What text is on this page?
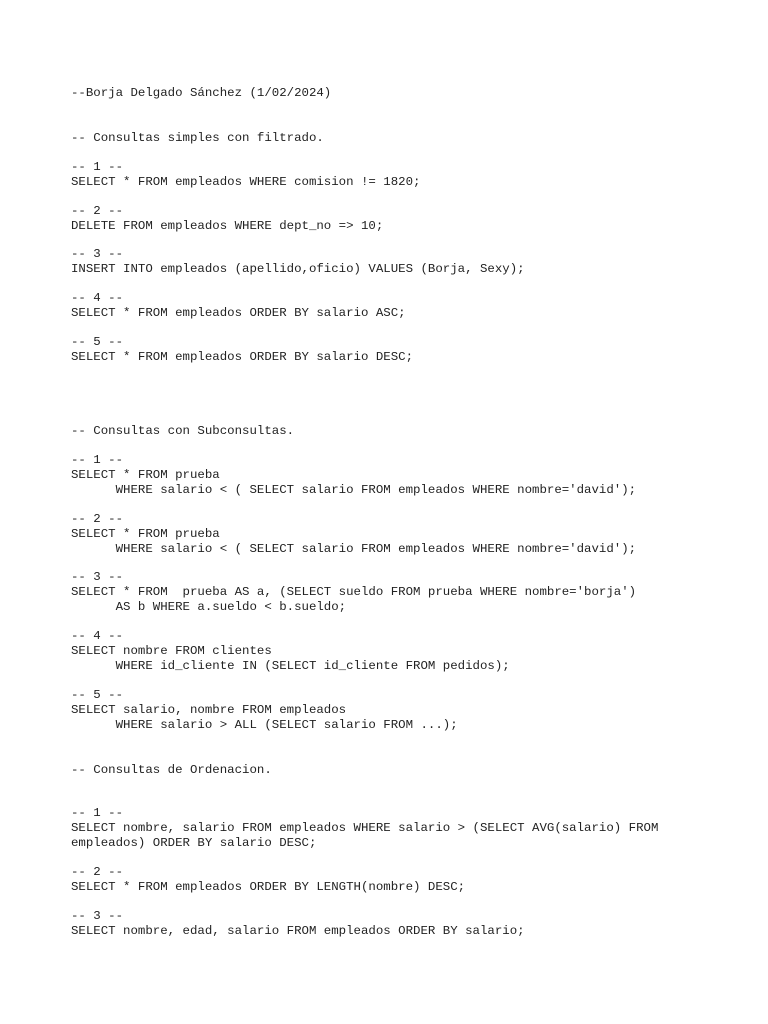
--Borja Delgado Sánchez (1/02/2024)
-- Consultas simples con filtrado.
-- 1 --
SELECT * FROM empleados WHERE comision != 1820;
-- 2 --
DELETE FROM empleados WHERE dept_no => 10;
-- 3 --
INSERT INTO empleados (apellido,oficio) VALUES (Borja, Sexy);
-- 4 --
SELECT * FROM empleados ORDER BY salario ASC;
-- 5 --
SELECT * FROM empleados ORDER BY salario DESC;
-- Consultas con Subconsultas.
-- 1 --
SELECT * FROM prueba
WHERE salario < ( SELECT salario FROM empleados WHERE nombre='david');
-- 2 --
SELECT * FROM prueba
WHERE salario < ( SELECT salario FROM empleados WHERE nombre='david');
-- 3 --
SELECT * FROM  prueba AS a, (SELECT sueldo FROM prueba WHERE nombre='borja')
AS b WHERE a.sueldo < b.sueldo;
-- 4 --
SELECT nombre FROM clientes
WHERE id_cliente IN (SELECT id_cliente FROM pedidos);
-- 5 --
SELECT salario, nombre FROM empleados
WHERE salario > ALL (SELECT salario FROM ...);
-- Consultas de Ordenacion.
-- 1 --
SELECT nombre, salario FROM empleados WHERE salario > (SELECT AVG(salario) FROM
empleados) ORDER BY salario DESC;
-- 2 --
SELECT * FROM empleados ORDER BY LENGTH(nombre) DESC;
-- 3 --
SELECT nombre, edad, salario FROM empleados ORDER BY salario;
